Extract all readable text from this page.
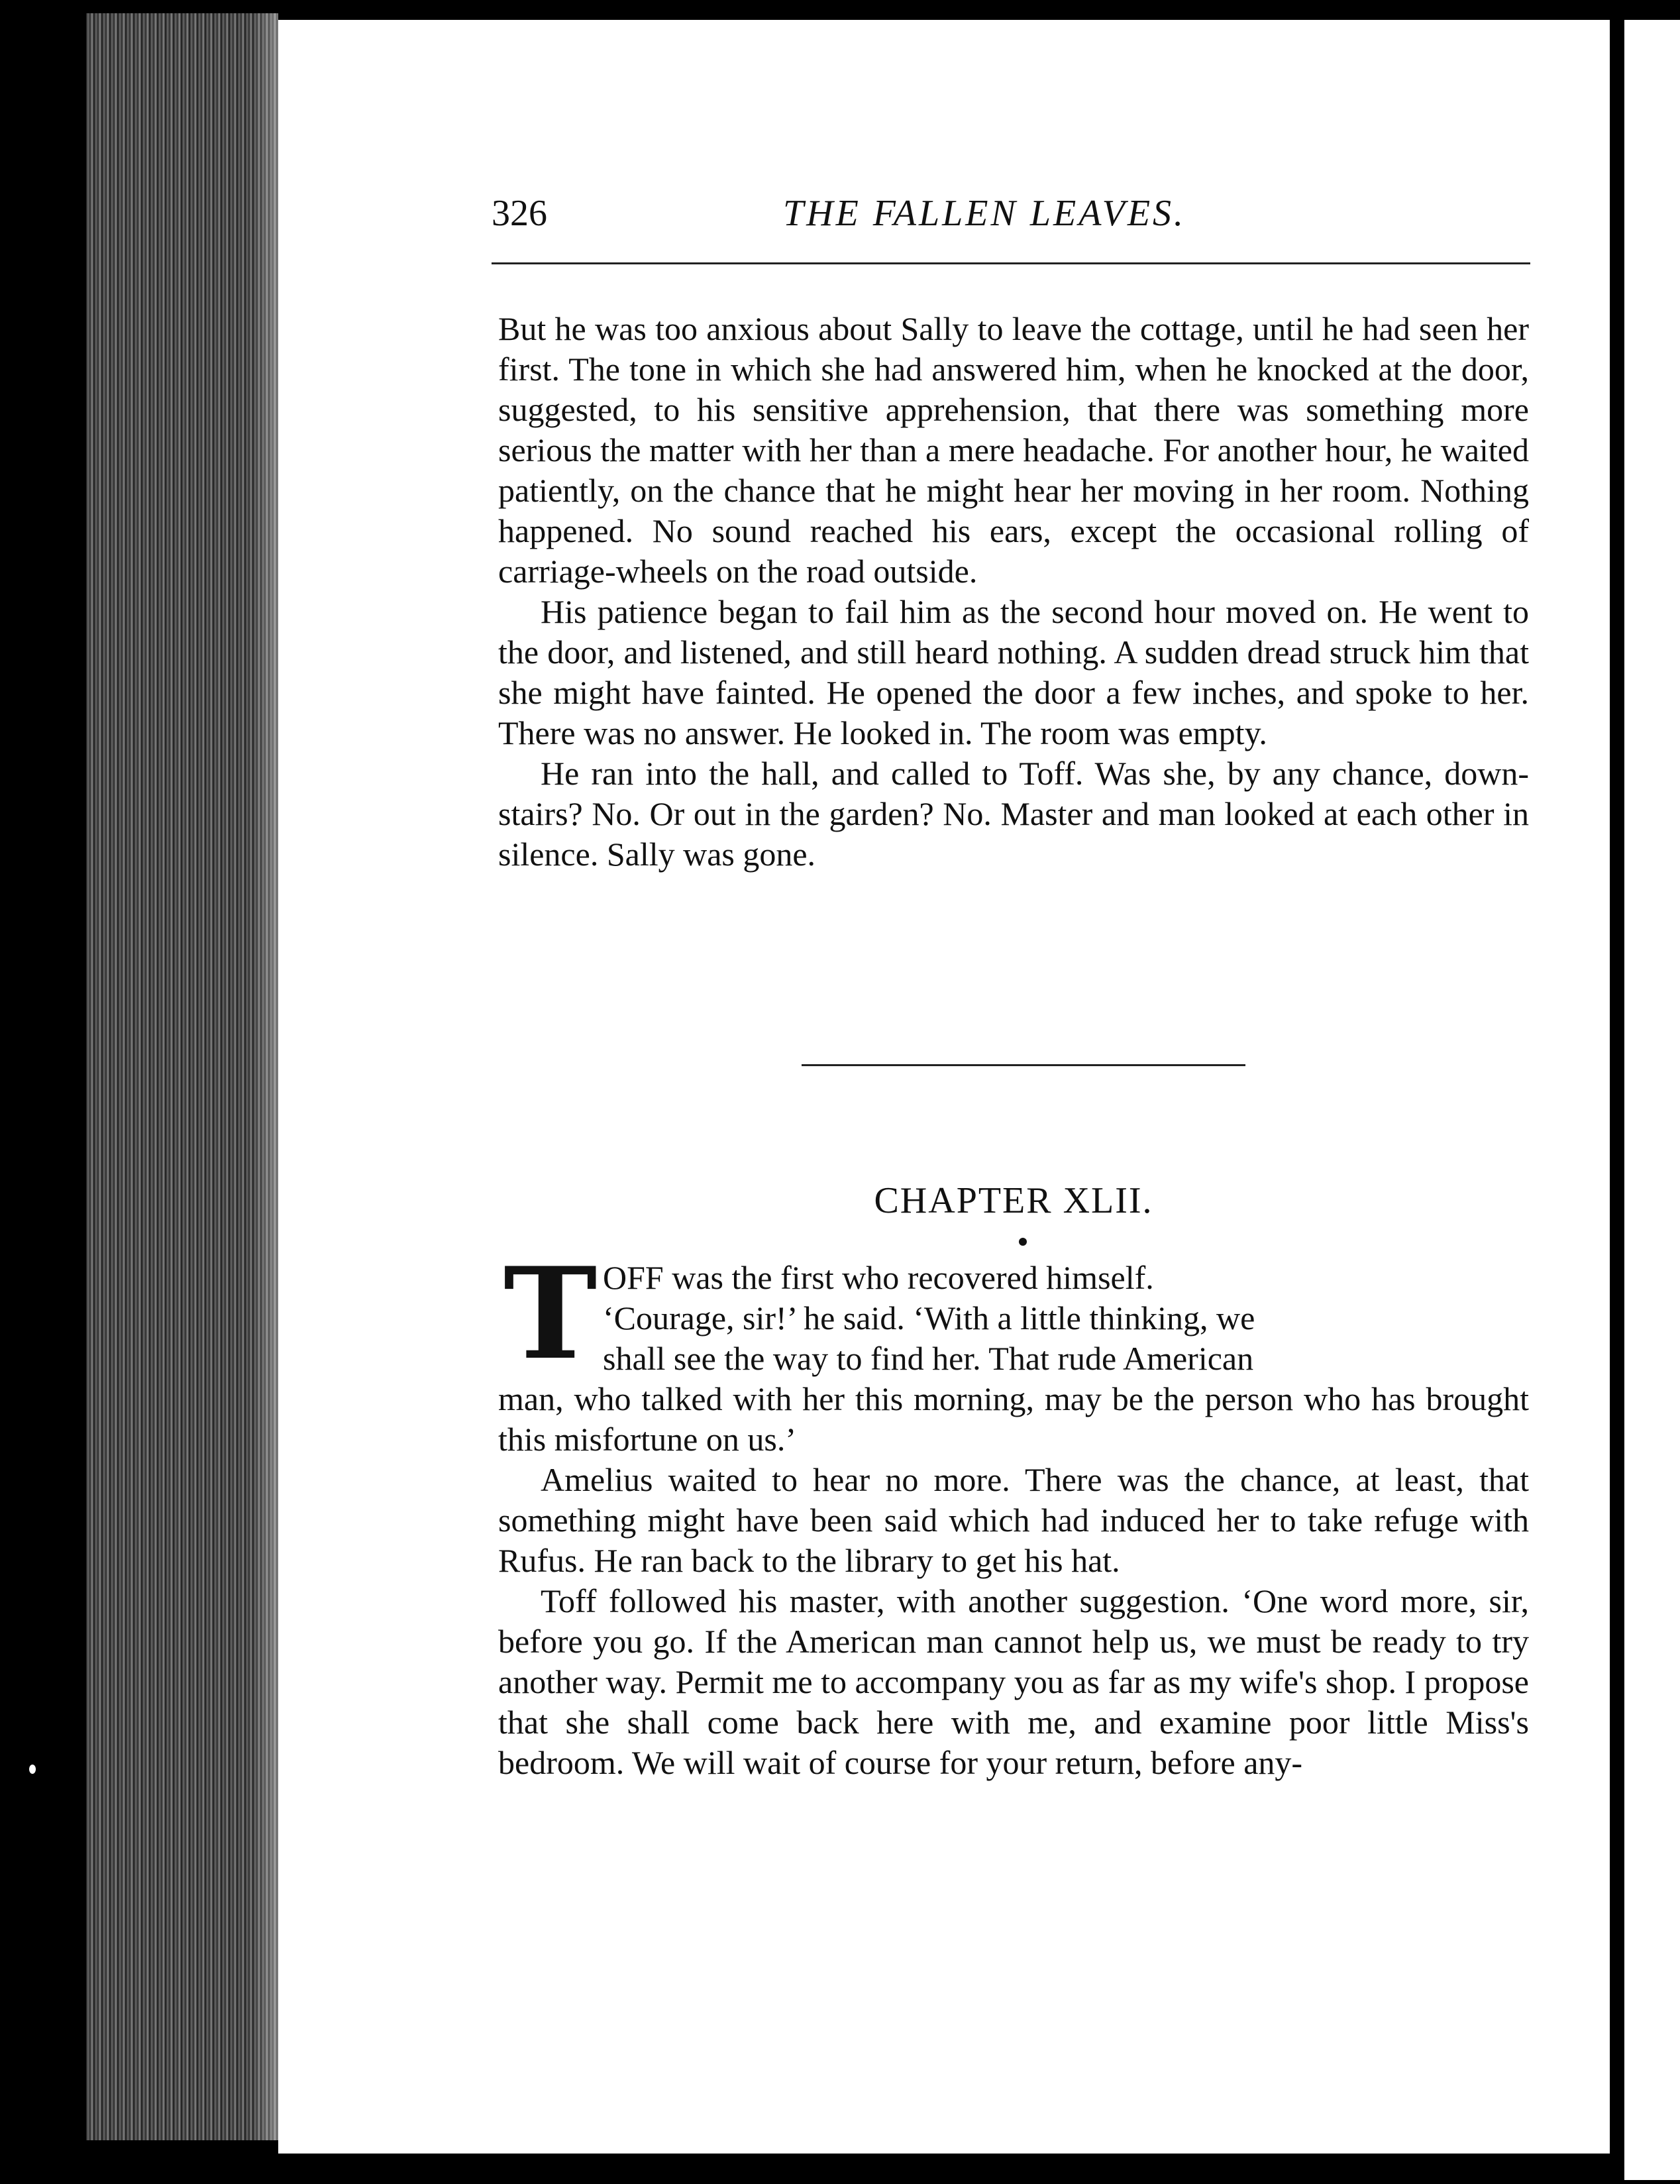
326	THE FALLEN LEAVES.

But he was too anxious about Sally to leave the cottage, until he had seen her first. The tone in which she had answered him, when he knocked at the door, suggested, to his sensitive apprehension, that there was something more serious the matter with her than a mere headache. For another hour, he waited patiently, on the chance that he might hear her moving in her room. Nothing happened. No sound reached his ears, except the occasional rolling of carriage-wheels on the road outside.

His patience began to fail him as the second hour moved on. He went to the door, and listened, and still heard nothing. A sudden dread struck him that she might have fainted. He opened the door a few inches, and spoke to her. There was no answer. He looked in. The room was empty.

He ran into the hall, and called to Toff. Was she, by any chance, down-stairs? No. Or out in the garden? No. Master and man looked at each other in silence. Sally was gone.

CHAPTER XLII.
T OFF was the first who recovered himself.

‘Courage, sir!’ he said. ‘With a little thinking, we

shall see the way to find her. That rude American

man, who talked with her this morning, may be the person who has brought this misfortune on us.’

Amelius waited to hear no more. There was the chance, at least, that something might have been said which had induced her to take refuge with Rufus. He ran back to the library to get his hat.

Toff followed his master, with another suggestion. ‘One word more, sir, before you go. If the American man cannot help us, we must be ready to try another way. Permit me to accompany you as far as my wife's shop. I propose that she shall come back here with me, and examine poor little Miss's bedroom. We will wait of course for your return, before any-
